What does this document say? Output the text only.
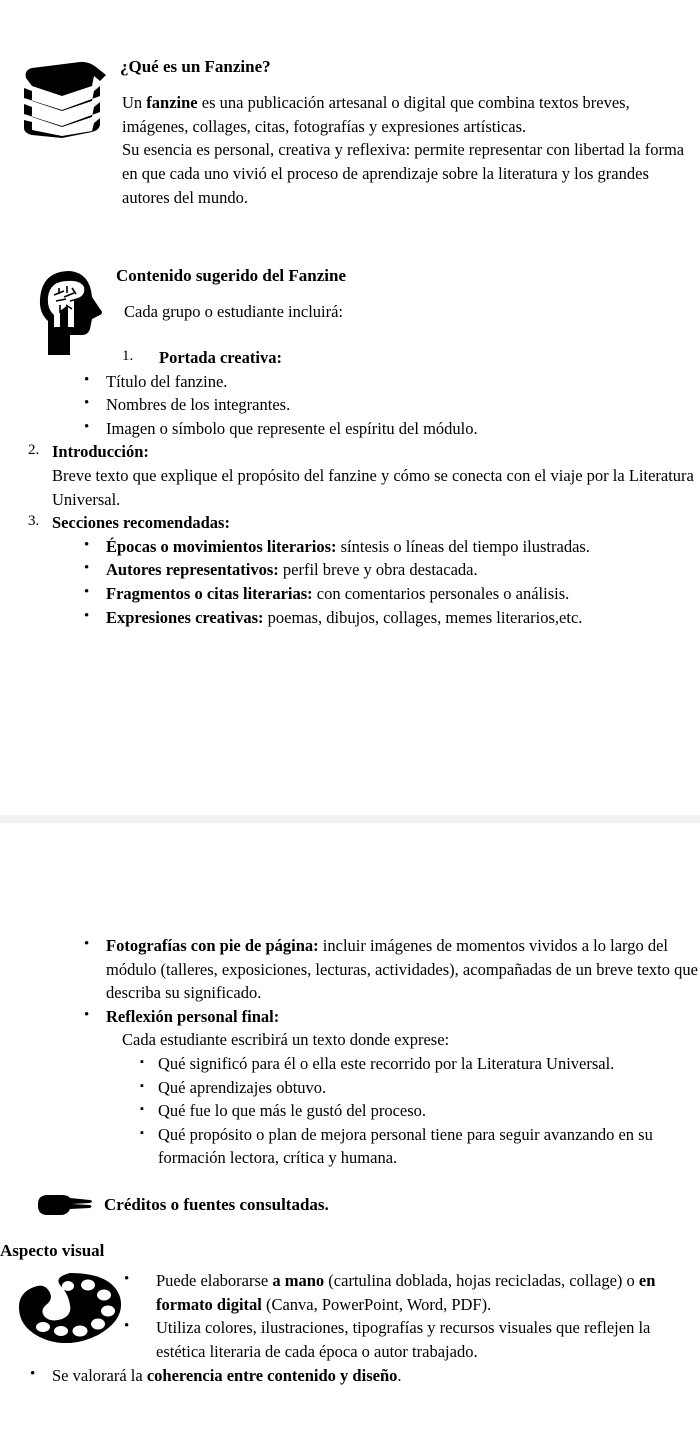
¿Qué es un Fanzine?

Un fanzine es una publicación artesanal o digital que combina textos breves, imágenes, collages, citas, fotografías y expresiones artísticas.

Su esencia es personal, creativa y reflexiva: permite representar con libertad la forma en que cada uno vivió el proceso de aprendizaje sobre la literatura y los grandes autores del mundo.

Contenido sugerido del Fanzine

Cada grupo o estudiante incluirá:

1. Portada creativa:
• Título del fanzine.
• Nombres de los integrantes.
• Imagen o símbolo que represente el espíritu del módulo.
2. Introducción:
Breve texto que explique el propósito del fanzine y cómo se conecta con el viaje por la Literatura Universal.
3. Secciones recomendadas:
• Épocas o movimientos literarios: síntesis o líneas del tiempo ilustradas.
• Autores representativos: perfil breve y obra destacada.
• Fragmentos o citas literarias: con comentarios personales o análisis.
• Expresiones creativas: poemas, dibujos, collages, memes literarios,etc.
• Fotografías con pie de página: incluir imágenes de momentos vividos a lo largo del módulo (talleres, exposiciones, lecturas, actividades), acompañadas de un breve texto que describa su significado.
• Reflexión personal final:

Cada estudiante escribirá un texto donde exprese:

▪ Qué significó para él o ella este recorrido por la Literatura Universal.
▪ Qué aprendizajes obtuvo.
▪ Qué fue lo que más le gustó del proceso.
▪ Qué propósito o plan de mejora personal tiene para seguir avanzando en su formación lectora, crítica y humana.
Créditos o fuentes consultadas.
Aspecto visual
• Puede elaborarse a mano (cartulina doblada, hojas recicladas, collage) o en formato digital (Canva, PowerPoint, Word, PDF).
• Utiliza colores, ilustraciones, tipografías y recursos visuales que reflejen la estética literaria de cada época o autor trabajado.
• Se valorará la coherencia entre contenido y diseño.
